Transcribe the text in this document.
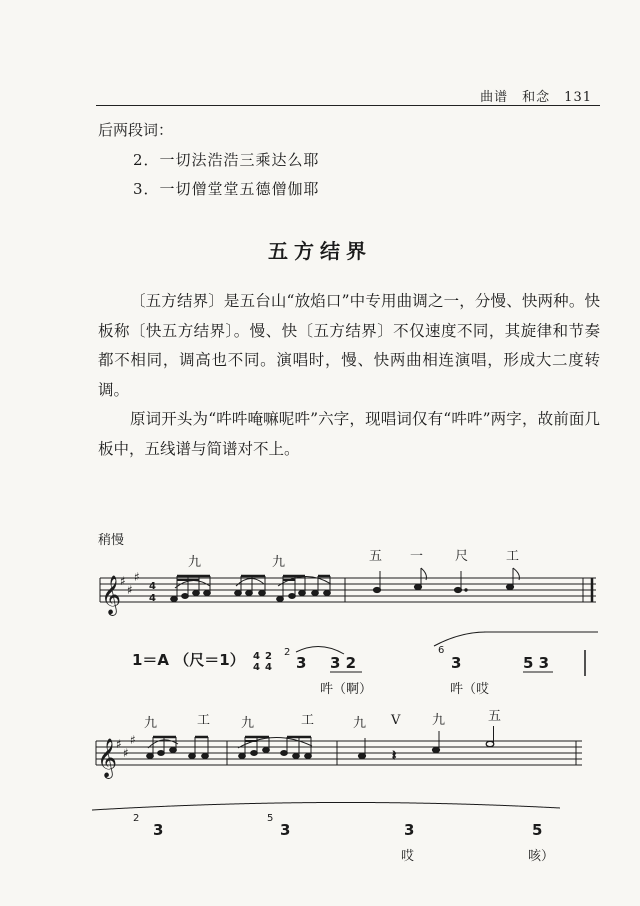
曲谱　和念　131
后两段词：
2．一切法浩浩三乘达么耶
3．一切僧堂堂五德僧伽耶
五方结界

〔五方结界〕是五台山“放焰口”中专用曲调之一，分慢、快两种。快板称〔快五方结界〕。慢、快〔五方结界〕不仅速度不同，其旋律和节奏都不相同，调高也不同。演唱时，慢、快两曲相连演唱，形成大二度转调。

原词开头为“吽吽唵嘛呢吽”六字，现唱词仅有“吽吽”两字，故前面几板中，五线谱与简谱对不上。

稍慢
九	九	五 一 尺	工
𝄞
♯
♯
♯
4
4
1＝A （尺＝1） 4
4
2
4
2
3 3 2
6
3	5 3
吽（啊）	吽（哎
九	工 九	工	九 V 九	五
𝄞
♯
♯
♯
𝄽
2
3
5
3	3	5
哎	咳）
